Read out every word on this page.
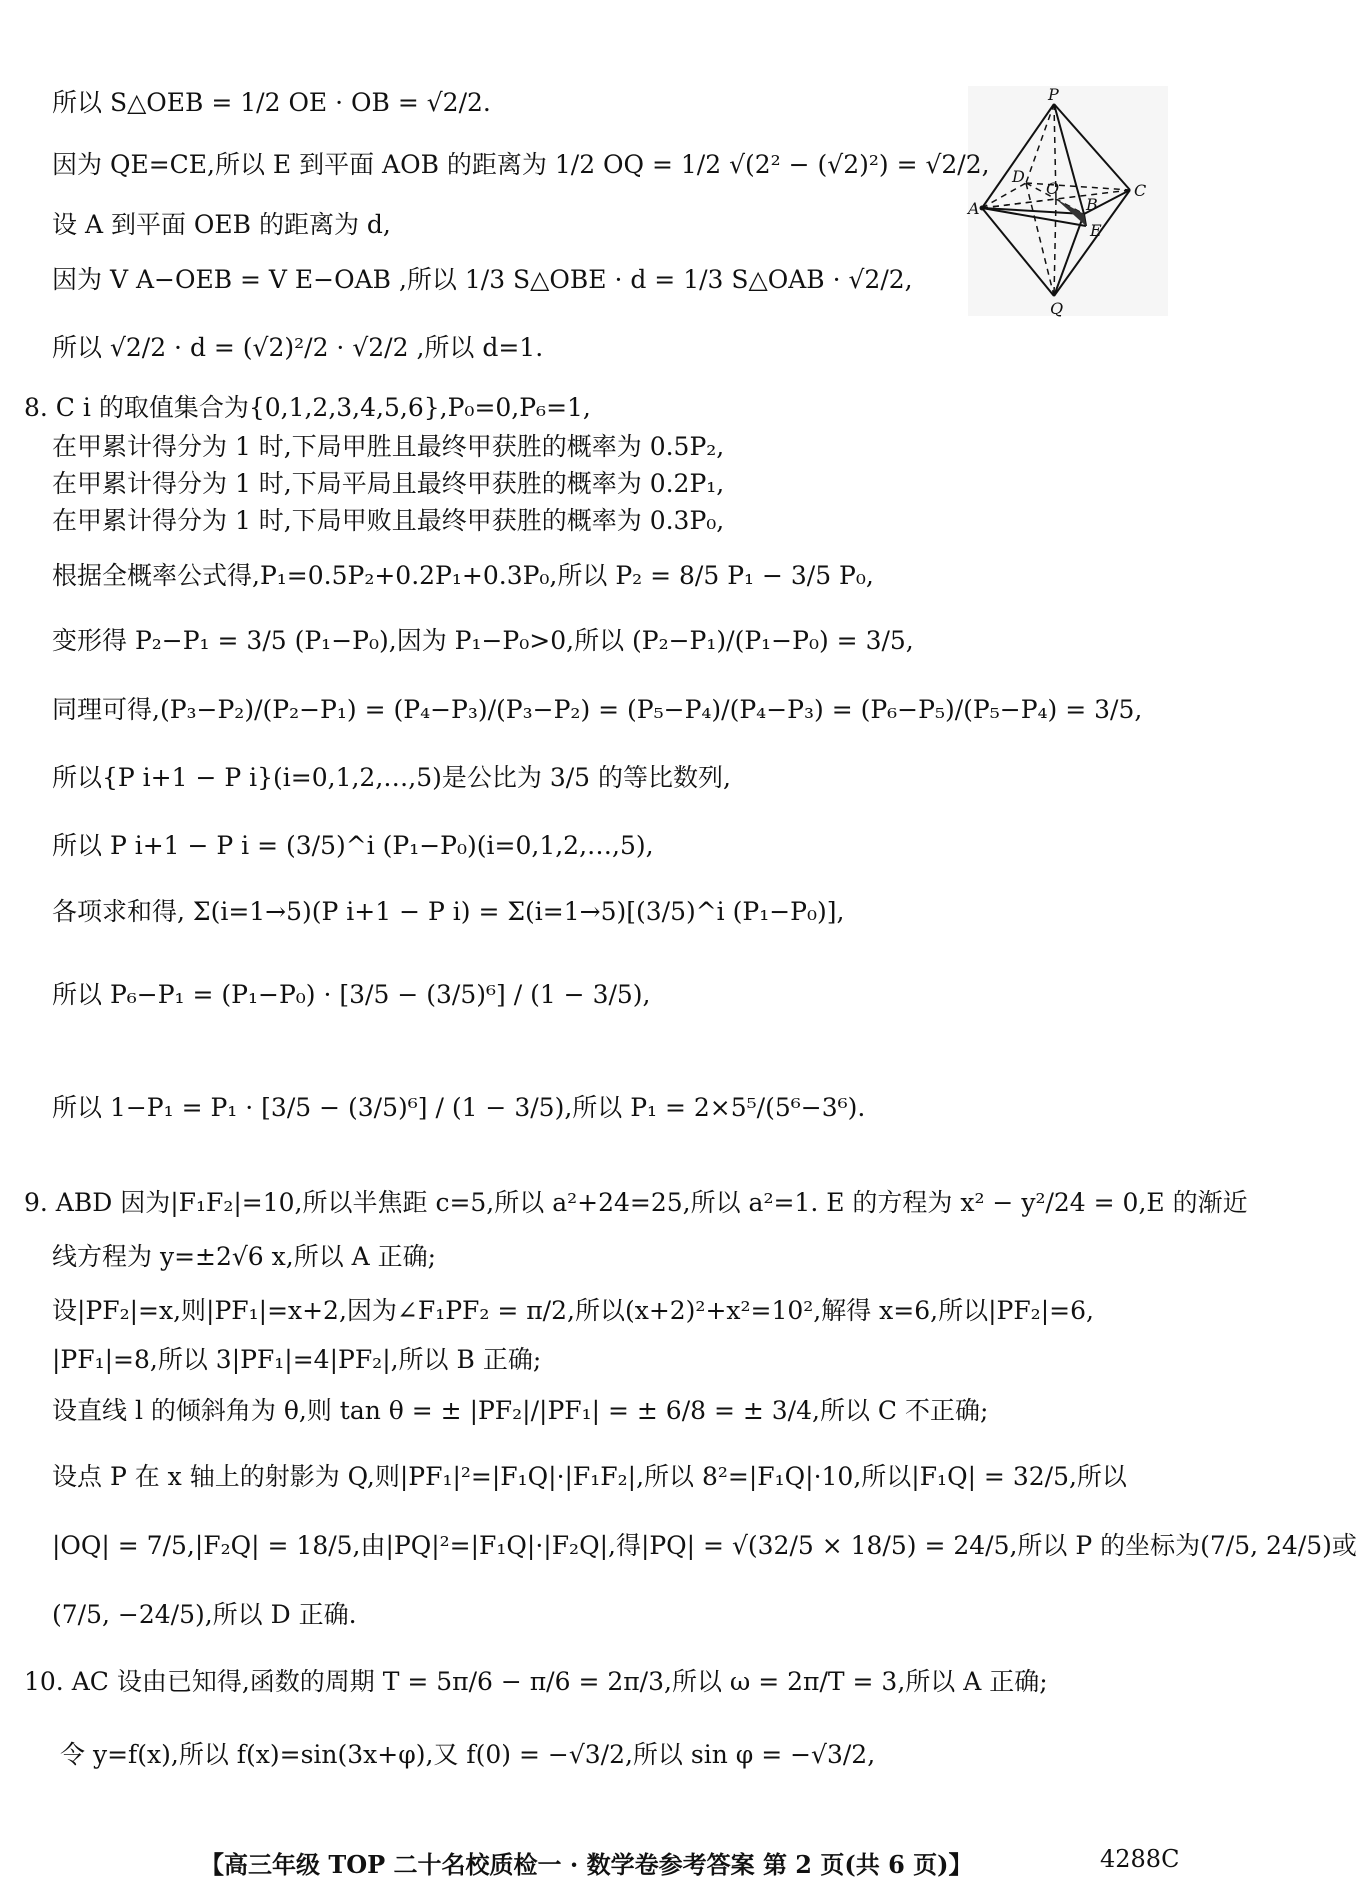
P
D
O	C
A	B
E
Q
所以 S△OEB = 1/2 OE · OB = √2/2.
因为 QE=CE,所以 E 到平面 AOB 的距离为 1/2 OQ = 1/2 √(2² − (√2)²) = √2/2,
设 A 到平面 OEB 的距离为 d,
因为 V A−OEB = V E−OAB ,所以 1/3 S△OBE · d = 1/3 S△OAB · √2/2,
所以 √2/2 · d = (√2)²/2 · √2/2 ,所以 d=1.
8. C i 的取值集合为{0,1,2,3,4,5,6},P₀=0,P₆=1,
在甲累计得分为 1 时,下局甲胜且最终甲获胜的概率为 0.5P₂,
在甲累计得分为 1 时,下局平局且最终甲获胜的概率为 0.2P₁,
在甲累计得分为 1 时,下局甲败且最终甲获胜的概率为 0.3P₀,
根据全概率公式得,P₁=0.5P₂+0.2P₁+0.3P₀,所以 P₂ = 8/5 P₁ − 3/5 P₀,
变形得 P₂−P₁ = 3/5 (P₁−P₀),因为 P₁−P₀>0,所以 (P₂−P₁)/(P₁−P₀) = 3/5,
同理可得,(P₃−P₂)/(P₂−P₁) = (P₄−P₃)/(P₃−P₂) = (P₅−P₄)/(P₄−P₃) = (P₆−P₅)/(P₅−P₄) = 3/5,
所以{P i+1 − P i}(i=0,1,2,…,5)是公比为 3/5 的等比数列,
所以 P i+1 − P i = (3/5)^i (P₁−P₀)(i=0,1,2,…,5),
各项求和得, Σ(i=1→5)(P i+1 − P i) = Σ(i=1→5)[(3/5)^i (P₁−P₀)],
所以 P₆−P₁ = (P₁−P₀) · [3/5 − (3/5)⁶] / (1 − 3/5),
所以 1−P₁ = P₁ · [3/5 − (3/5)⁶] / (1 − 3/5),所以 P₁ = 2×5⁵/(5⁶−3⁶).
9. ABD 因为|F₁F₂|=10,所以半焦距 c=5,所以 a²+24=25,所以 a²=1. E 的方程为 x² − y²/24 = 0,E 的渐近
线方程为 y=±2√6 x,所以 A 正确;
设|PF₂|=x,则|PF₁|=x+2,因为∠F₁PF₂ = π/2,所以(x+2)²+x²=10²,解得 x=6,所以|PF₂|=6,
|PF₁|=8,所以 3|PF₁|=4|PF₂|,所以 B 正确;
设直线 l 的倾斜角为 θ,则 tan θ = ± |PF₂|/|PF₁| = ± 6/8 = ± 3/4,所以 C 不正确;
设点 P 在 x 轴上的射影为 Q,则|PF₁|²=|F₁Q|·|F₁F₂|,所以 8²=|F₁Q|·10,所以|F₁Q| = 32/5,所以
|OQ| = 7/5,|F₂Q| = 18/5,由|PQ|²=|F₁Q|·|F₂Q|,得|PQ| = √(32/5 × 18/5) = 24/5,所以 P 的坐标为(7/5, 24/5)或
(7/5, −24/5),所以 D 正确.
10. AC 设由已知得,函数的周期 T = 5π/6 − π/6 = 2π/3,所以 ω = 2π/T = 3,所以 A 正确;
令 y=f(x),所以 f(x)=sin(3x+φ),又 f(0) = −√3/2,所以 sin φ = −√3/2,
【高三年级 TOP 二十名校质检一 · 数学卷参考答案 第 2 页(共 6 页)】	4288C
